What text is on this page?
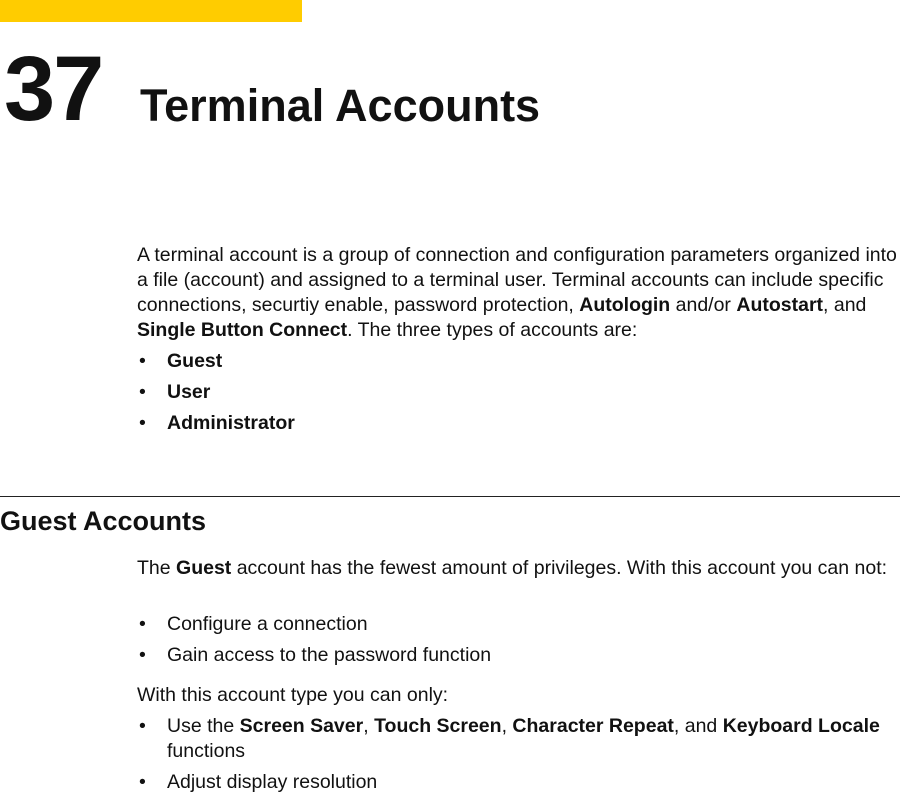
37 Terminal Accounts

A terminal account is a group of connection and configuration parameters organized into a file (account) and assigned to a terminal user. Terminal accounts can include specific connections, securtiy enable, password protection, Autologin and/or Autostart, and Single Button Connect. The three types of accounts are:

• Guest
• User
• Administrator
Guest Accounts

The Guest account has the fewest amount of privileges. With this account you can not:

• Configure a connection
• Gain access to the password function

With this account type you can only:

• Use the Screen Saver, Touch Screen, Character Repeat, and Keyboard Locale functions
• Adjust display resolution
